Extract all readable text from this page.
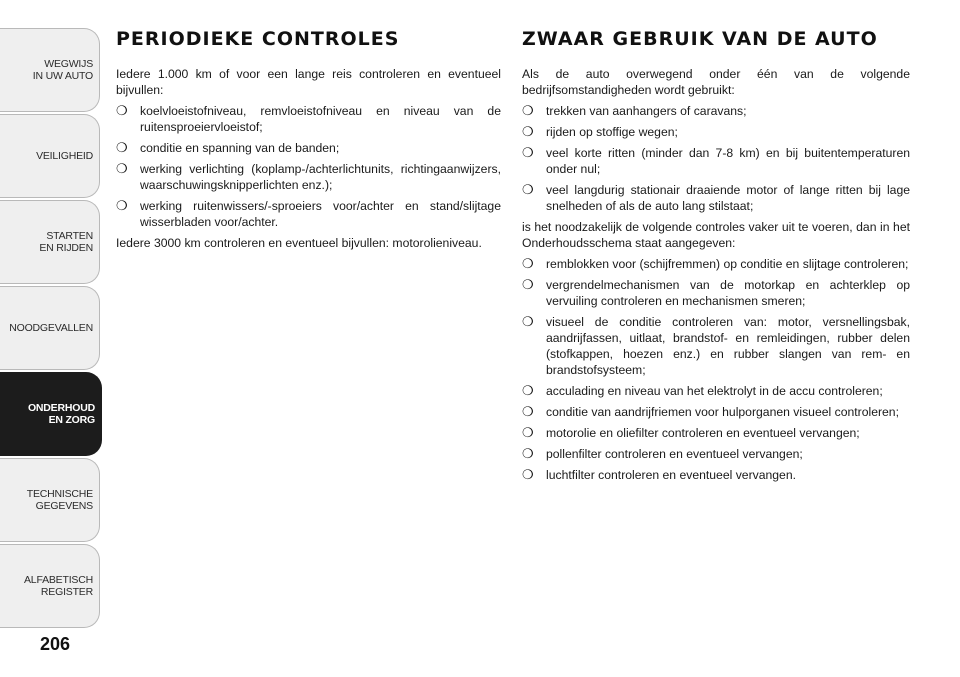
WEGWIJS
IN UW AUTO
VEILIGHEID
STARTEN
EN RIJDEN
NOODGEVALLEN
ONDERHOUD
EN ZORG
TECHNISCHE
GEGEVENS
ALFABETISCH
REGISTER
206
PERIODIEKE CONTROLES

Iedere 1.000 km of voor een lange reis controleren en eventueel bijvullen:

❍	koelvloeistofniveau, remvloeistofniveau en niveau van de ruitensproeiervloeistof;
❍	conditie en spanning van de banden;
❍	werking verlichting (koplamp-/achterlichtunits, richtingaanwijzers, waarschuwingsknipperlichten enz.);
❍	werking ruitenwissers/-sproeiers voor/achter en stand/slijtage wisserbladen voor/achter.

Iedere 3000 km controleren en eventueel bijvullen: motorolieniveau.

ZWAAR GEBRUIK VAN DE AUTO

Als de auto overwegend onder één van de volgende bedrijfsomstandigheden wordt gebruikt:

❍	trekken van aanhangers of caravans;
❍	rijden op stoffige wegen;
❍	veel korte ritten (minder dan 7-8 km) en bij buitentemperaturen onder nul;
❍	veel langdurig stationair draaiende motor of lange ritten bij lage snelheden of als de auto lang stilstaat;

is het noodzakelijk de volgende controles vaker uit te voeren, dan in het Onderhoudsschema staat aangegeven:

❍	remblokken voor (schijfremmen) op conditie en slijtage controleren;
❍	vergrendelmechanismen van de motorkap en achterklep op vervuiling controleren en mechanismen smeren;
❍	visueel de conditie controleren van: motor, versnellingsbak, aandrijfassen, uitlaat, brandstof- en remleidingen, rubber delen (stofkappen, hoezen enz.) en rubber slangen van rem- en brandstofsysteem;
❍	acculading en niveau van het elektrolyt in de accu controleren;
❍	conditie van aandrijfriemen voor hulporganen visueel controleren;
❍	motorolie en oliefilter controleren en eventueel vervangen;
❍	pollenfilter controleren en eventueel vervangen;
❍	luchtfilter controleren en eventueel vervangen.
